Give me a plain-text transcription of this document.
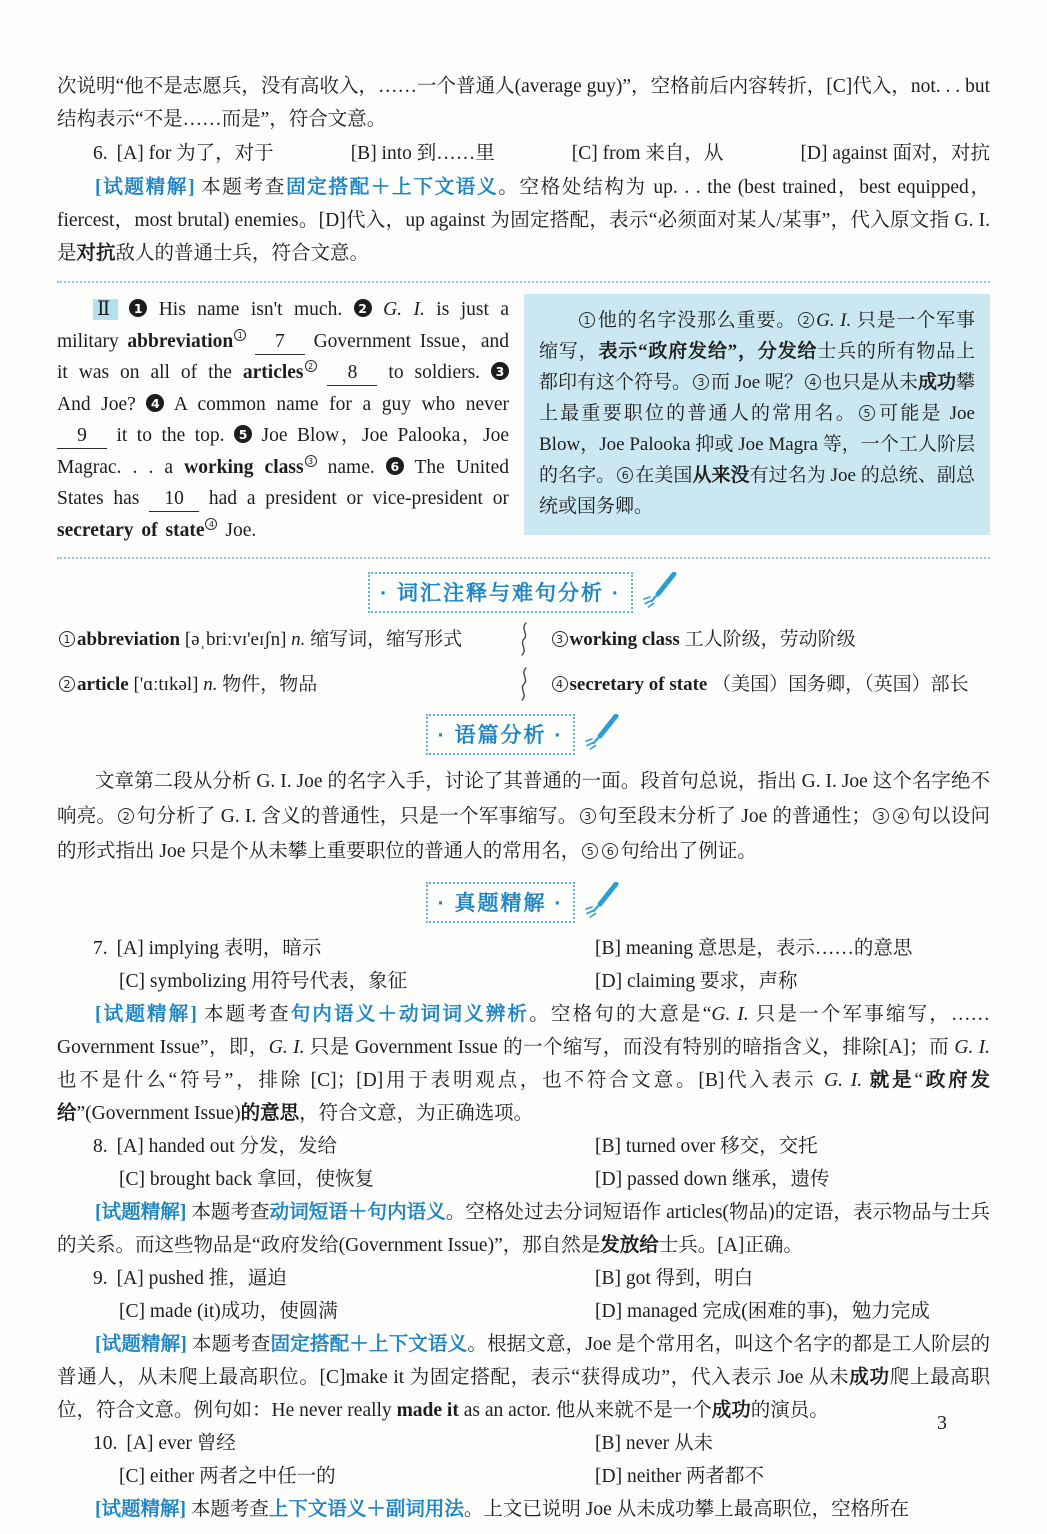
次说明“他不是志愿兵，没有高收入，……一个普通人(average guy)”，空格前后内容转折，[C]代入，not. . . but 结构表示“不是……而是”，符合文意。

6. [A] for 为了，对于	[B] into 到……里	[C] from 来自，从	[D] against 面对，对抗

[试题精解] 本题考查固定搭配＋上下文语义。空格处结构为 up. . . the (best trained，best equipped，fiercest，most brutal) enemies。[D]代入，up against 为固定搭配，表示“必须面对某人/某事”，代入原文指 G. I. 是对抗敌人的普通士兵，符合文意。

Ⅱ 1 His name isn't much. 2 G. I. is just a military abbreviation 1 7 Government Issue，and it was on all of the articles 2 8 to soldiers. 3 And Joe? 4 A common name for a guy who never 9 it to the top. 5 Joe Blow，Joe Palooka，Joe Magrac. . . a working class 3 name. 6 The United States has 10 had a president or vice-president or secretary of state 4 Joe.
1 他的名字没那么重要。 2 G. I. 只是一个军事缩写，表示“政府发给”，分发给士兵的所有物品上都印有这个符号。 3 而 Joe 呢？ 4 也只是从未成功攀上最重要职位的普通人的常用名。 5 可能是 Joe Blow，Joe Palooka 抑或 Joe Magra 等，一个工人阶层的名字。 6 在美国从来没有过名为 Joe 的总统、副总统或国务卿。
· 词汇注释与难句分析 ·
1 abbreviation [əˌbriːvɪ'eɪʃn] n. 缩写词，缩写形式	3 working class 工人阶级，劳动阶级
2 article ['ɑːtɪkəl] n. 物件，物品	4 secretary of state （美国）国务卿，（英国）部长
· 语篇分析 ·

文章第二段从分析 G. I. Joe 的名字入手，讨论了其普通的一面。段首句总说，指出 G. I. Joe 这个名字绝不响亮。 2 句分析了 G. I. 含义的普通性，只是一个军事缩写。 3 句至段末分析了 Joe 的普通性； 3 4 句以设问的形式指出 Joe 只是个从未攀上重要职位的普通人的常用名， 5 6 句给出了例证。

· 真题精解 ·
7. [A] implying 表明，暗示	[B] meaning 意思是，表示……的意思
[C] symbolizing 用符号代表，象征	[D] claiming 要求，声称

[试题精解] 本题考查句内语义＋动词词义辨析。空格句的大意是“G. I. 只是一个军事缩写，……Government Issue”，即，G. I. 只是 Government Issue 的一个缩写，而没有特别的暗指含义，排除[A]；而 G. I. 也不是什么“符号”，排除 [C]；[D]用于表明观点，也不符合文意。[B]代入表示 G. I. 就是“政府发给”(Government Issue)的意思，符合文意，为正确选项。

8. [A] handed out 分发，发给	[B] turned over 移交，交托
[C] brought back 拿回，使恢复	[D] passed down 继承，遗传

[试题精解] 本题考查动词短语＋句内语义。空格处过去分词短语作 articles(物品)的定语，表示物品与士兵的关系。而这些物品是“政府发给(Government Issue)”，那自然是发放给士兵。[A]正确。

9. [A] pushed 推，逼迫	[B] got 得到，明白
[C] made (it)成功，使圆满	[D] managed 完成(困难的事)，勉力完成

[试题精解] 本题考查固定搭配＋上下文语义。根据文意，Joe 是个常用名，叫这个名字的都是工人阶层的普通人，从未爬上最高职位。[C]make it 为固定搭配，表示“获得成功”，代入表示 Joe 从未成功爬上最高职位，符合文意。例句如：He never really made it as an actor. 他从来就不是一个成功的演员。

10. [A] ever 曾经	[B] never 从未
[C] either 两者之中任一的	[D] neither 两者都不

[试题精解] 本题考查上下文语义＋副词用法。上文已说明 Joe 从未成功攀上最高职位，空格所在

3
